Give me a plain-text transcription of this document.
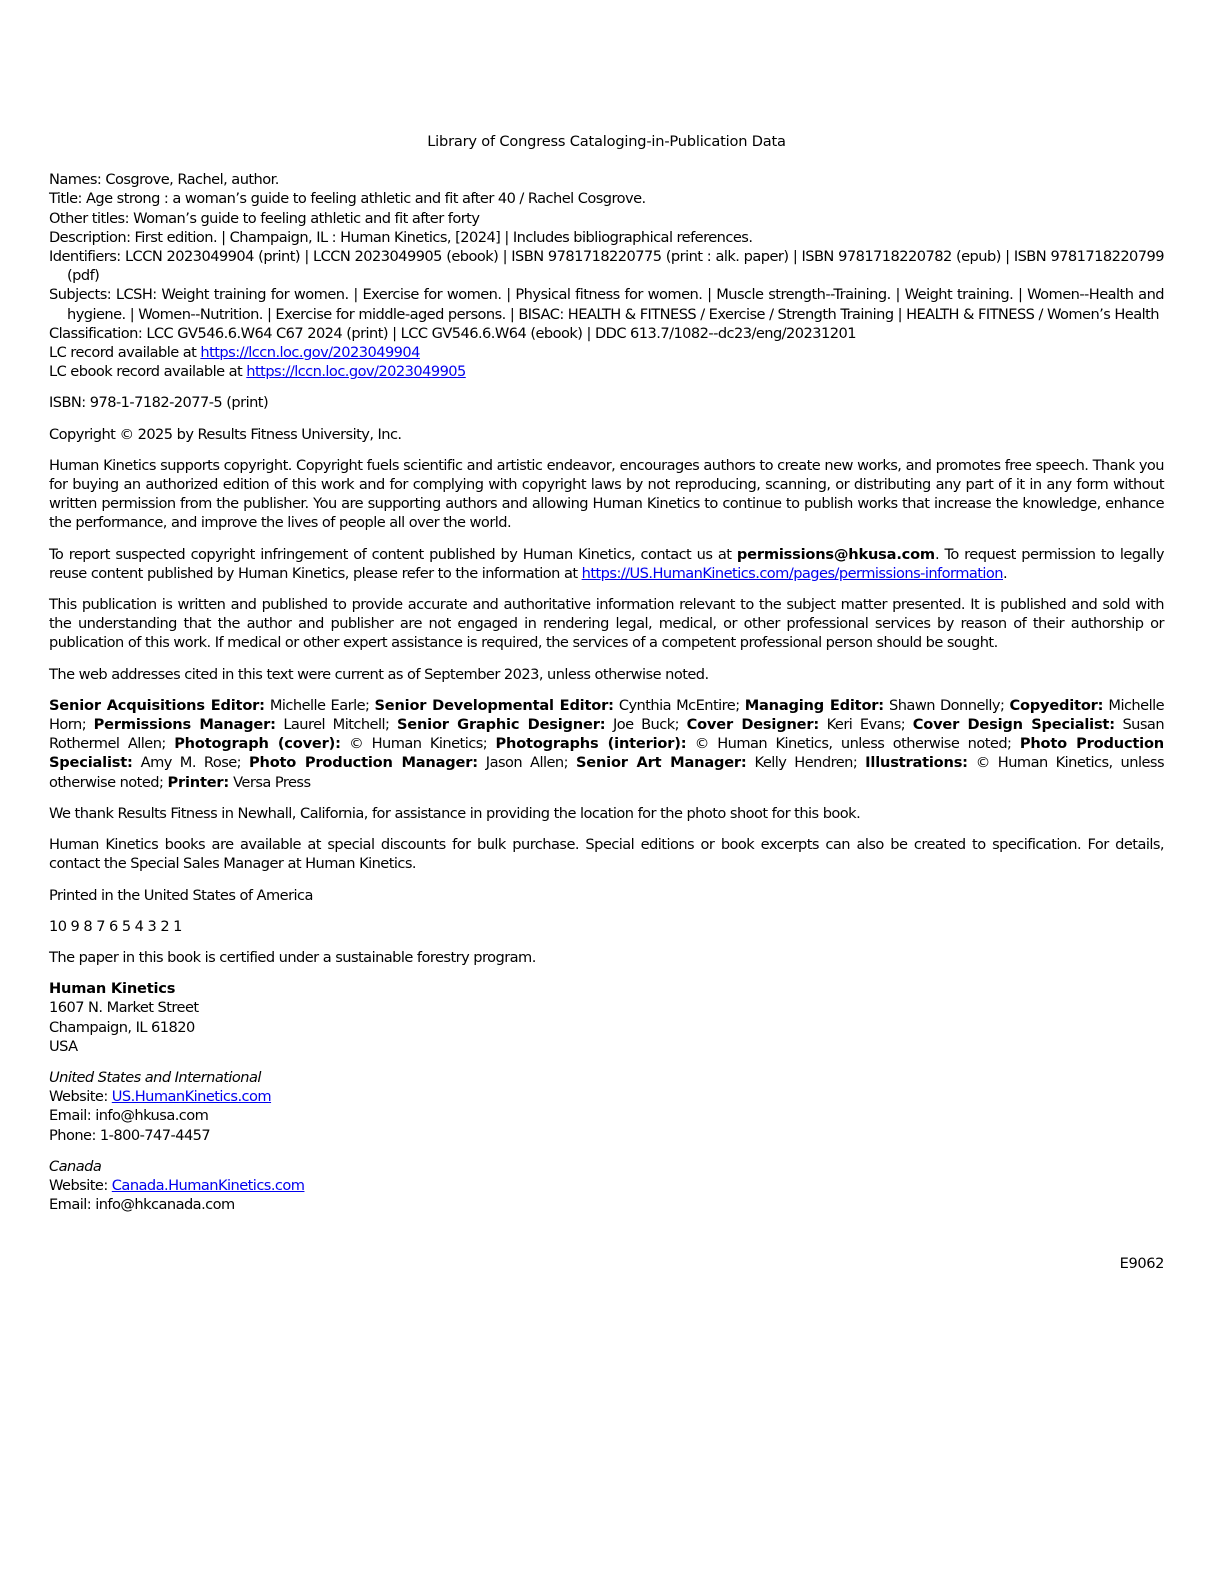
Library of Congress Cataloging-in-Publication Data

Names: Cosgrove, Rachel, author.

Title: Age strong : a woman’s guide to feeling athletic and fit after 40 / Rachel Cosgrove.

Other titles: Woman’s guide to feeling athletic and fit after forty

Description: First edition. | Champaign, IL : Human Kinetics, [2024] | Includes bibliographical references.

Identifiers: LCCN 2023049904 (print) | LCCN 2023049905 (ebook) | ISBN 9781718220775 (print : alk. paper) | ISBN 9781718220782 (epub) | ISBN 9781718220799 (pdf)

Subjects: LCSH: Weight training for women. | Exercise for women. | Physical fitness for women. | Muscle strength--Training. | Weight training. | Women--Health and hygiene. | Women--Nutrition. | Exercise for middle-aged persons. | BISAC: HEALTH & FITNESS / Exercise / Strength Training | HEALTH & FITNESS / Women’s Health

Classification: LCC GV546.6.W64 C67 2024 (print) | LCC GV546.6.W64 (ebook) | DDC 613.7/1082--dc23/eng/20231201

LC record available at https://lccn.loc.gov/2023049904

LC ebook record available at https://lccn.loc.gov/2023049905

ISBN: 978-1-7182-2077-5 (print)

Copyright © 2025 by Results Fitness University, Inc.

Human Kinetics supports copyright. Copyright fuels scientific and artistic endeavor, encourages authors to create new works, and promotes free speech. Thank you for buying an authorized edition of this work and for complying with copyright laws by not reproducing, scanning, or distributing any part of it in any form without written permission from the publisher. You are supporting authors and allowing Human Kinetics to continue to publish works that increase the knowledge, enhance the performance, and improve the lives of people all over the world.

To report suspected copyright infringement of content published by Human Kinetics, contact us at permissions@hkusa.com. To request permission to legally reuse content published by Human Kinetics, please refer to the information at https://US.HumanKinetics.com/pages/permissions-information.

This publication is written and published to provide accurate and authoritative information relevant to the subject matter presented. It is published and sold with the understanding that the author and publisher are not engaged in rendering legal, medical, or other professional services by reason of their authorship or publication of this work. If medical or other expert assistance is required, the services of a competent professional person should be sought.

The web addresses cited in this text were current as of September 2023, unless otherwise noted.

Senior Acquisitions Editor: Michelle Earle; Senior Developmental Editor: Cynthia McEntire; Managing Editor: Shawn Donnelly; Copyeditor: Michelle Horn; Permissions Manager: Laurel Mitchell; Senior Graphic Designer: Joe Buck; Cover Designer: Keri Evans; Cover Design Specialist: Susan Rothermel Allen; Photograph (cover): © Human Kinetics; Photographs (interior): © Human Kinetics, unless otherwise noted; Photo Production Specialist: Amy M. Rose; Photo Production Manager: Jason Allen; Senior Art Manager: Kelly Hendren; Illustrations: © Human Kinetics, unless otherwise noted; Printer: Versa Press

We thank Results Fitness in Newhall, California, for assistance in providing the location for the photo shoot for this book.

Human Kinetics books are available at special discounts for bulk purchase. Special editions or book excerpts can also be created to specification. For details, contact the Special Sales Manager at Human Kinetics.

Printed in the United States of America

10 9 8 7 6 5 4 3 2 1

The paper in this book is certified under a sustainable forestry program.

Human Kinetics
1607 N. Market Street
Champaign, IL 61820
USA
United States and International
Website: US.HumanKinetics.com
Email: info@hkusa.com
Phone: 1-800-747-4457
Canada
Website: Canada.HumanKinetics.com
Email: info@hkcanada.com
E9062
